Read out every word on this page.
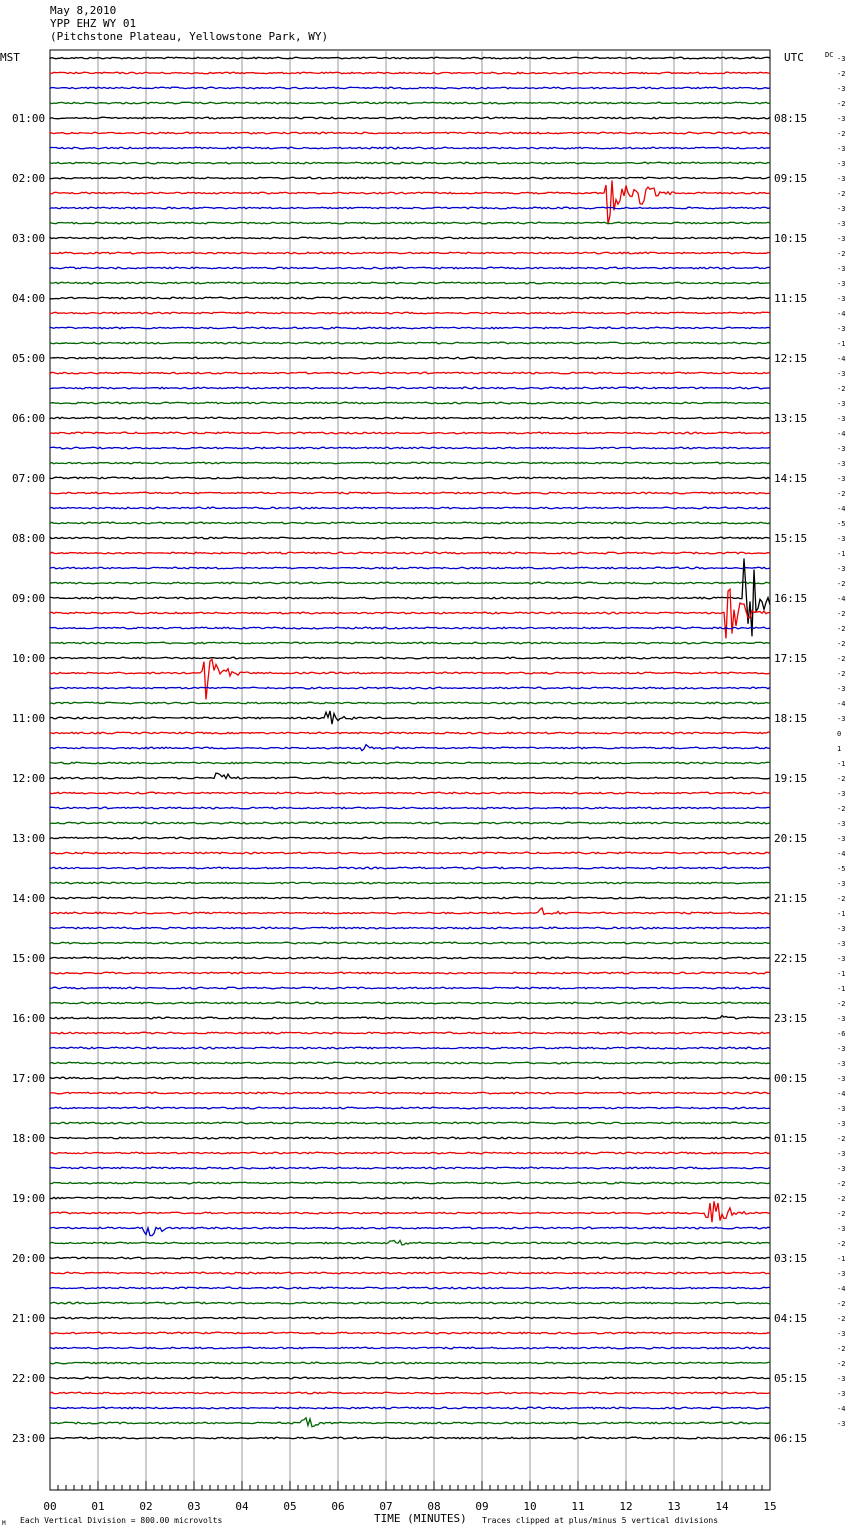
May 8,2010
YPP EHZ WY 01
(Pitchstone Plateau, Yellowstone Park, WY)
01:00
02:00
03:00
04:00
05:00
06:00
07:00
08:00
09:00
10:00
11:00
12:00
13:00
14:00
15:00
16:00
17:00
18:00
19:00
20:00
21:00
22:00
23:00
08:15
09:15
10:15
11:15
12:15
13:15
14:15
15:15
16:15
17:15
18:15
19:15
20:15
21:15
22:15
23:15
00:15
01:15
02:15
03:15
04:15
05:15
06:15
-3
-2
-3
-2
-3
-2
-3
-3
-3
-2
-3
-3
-3
-2
-3
-3
-3
-4
-3
-1
-4
-3
-2
-3
-3
-4
-3
-3
-3
-2
-4
-5
-3
-1
-3
-2
-4
-2
-2
-2
-2
-2
-3
-4
-3
0
1
-1
-2
-3
-2
-3
-3
-4
-5
-3
-2
-1
-3
-3
-3
-1
-1
-2
-3
-6
-3
-3
-3
-4
-3
-3
-2
-3
-3
-2
-2
-2
-3
-2
-1
-3
-4
-2
-2
-3
-2
-2
-3
-3
-4
-3
00	01	02	03	04	05	06	07	08	09	10	11	12	13	14	15
MST	UTC	DC
TIME (MINUTES)
M Each Vertical Division = 800.00 microvolts	Traces clipped at plus/minus 5 vertical divisions
